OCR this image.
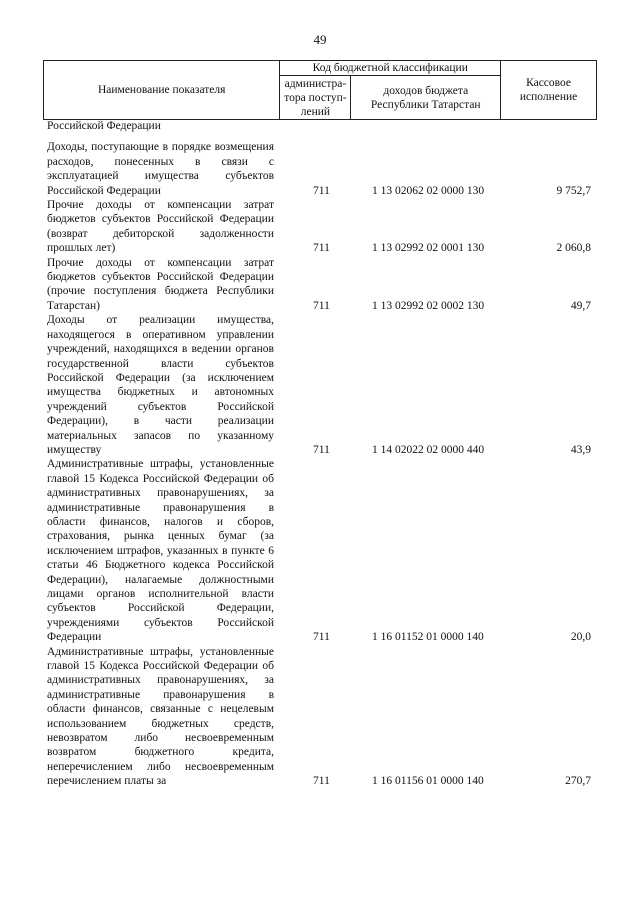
49
Наименование показателя	Код бюджетной классификации		Кассовое
исполнение
	администра-
тора поступ-
лений	доходов бюджета
Республики Татарстан	
Российской Федерации
Доходы, поступающие в порядке возмещения расходов, понесенных в связи с эксплуатацией имущества субъектов Российской Федерации	711	1 13 02062 02 0000 130	9 752,7
Прочие доходы от компенсации затрат бюджетов субъектов Российской Федерации (возврат дебиторской задолженности прошлых лет)	711	1 13 02992 02 0001 130	2 060,8
Прочие доходы от компенсации затрат бюджетов субъектов Российской Федерации (прочие поступления бюджета Республики Татарстан)	711	1 13 02992 02 0002 130	49,7
Доходы от реализации имущества, находящегося в оперативном управлении учреждений, находящихся в ведении органов государственной власти субъектов Российской Федерации (за исключением имущества бюджетных и автономных учреждений субъектов Российской Федерации), в части реализации материальных запасов по указанному имуществу	711	1 14 02022 02 0000 440	43,9
Административные штрафы, установленные главой 15 Кодекса Российской Федерации об административных правонарушениях, за административные правонарушения в области финансов, налогов и сборов, страхования, рынка ценных бумаг (за исключением штрафов, указанных в пункте 6 статьи 46 Бюджетного кодекса Российской Федерации), налагаемые должностными лицами органов исполнительной власти субъектов Российской Федерации, учреждениями субъектов Российской Федерации	711	1 16 01152 01 0000 140	20,0
Административные штрафы, установленные главой 15 Кодекса Российской Федерации об административных правонарушениях, за административные правонарушения в области финансов, связанные с нецелевым использованием бюджетных средств, невозвратом либо несвоевременным возвратом бюджетного кредита, неперечислением либо несвоевременным перечислением платы за	711	1 16 01156 01 0000 140	270,7
